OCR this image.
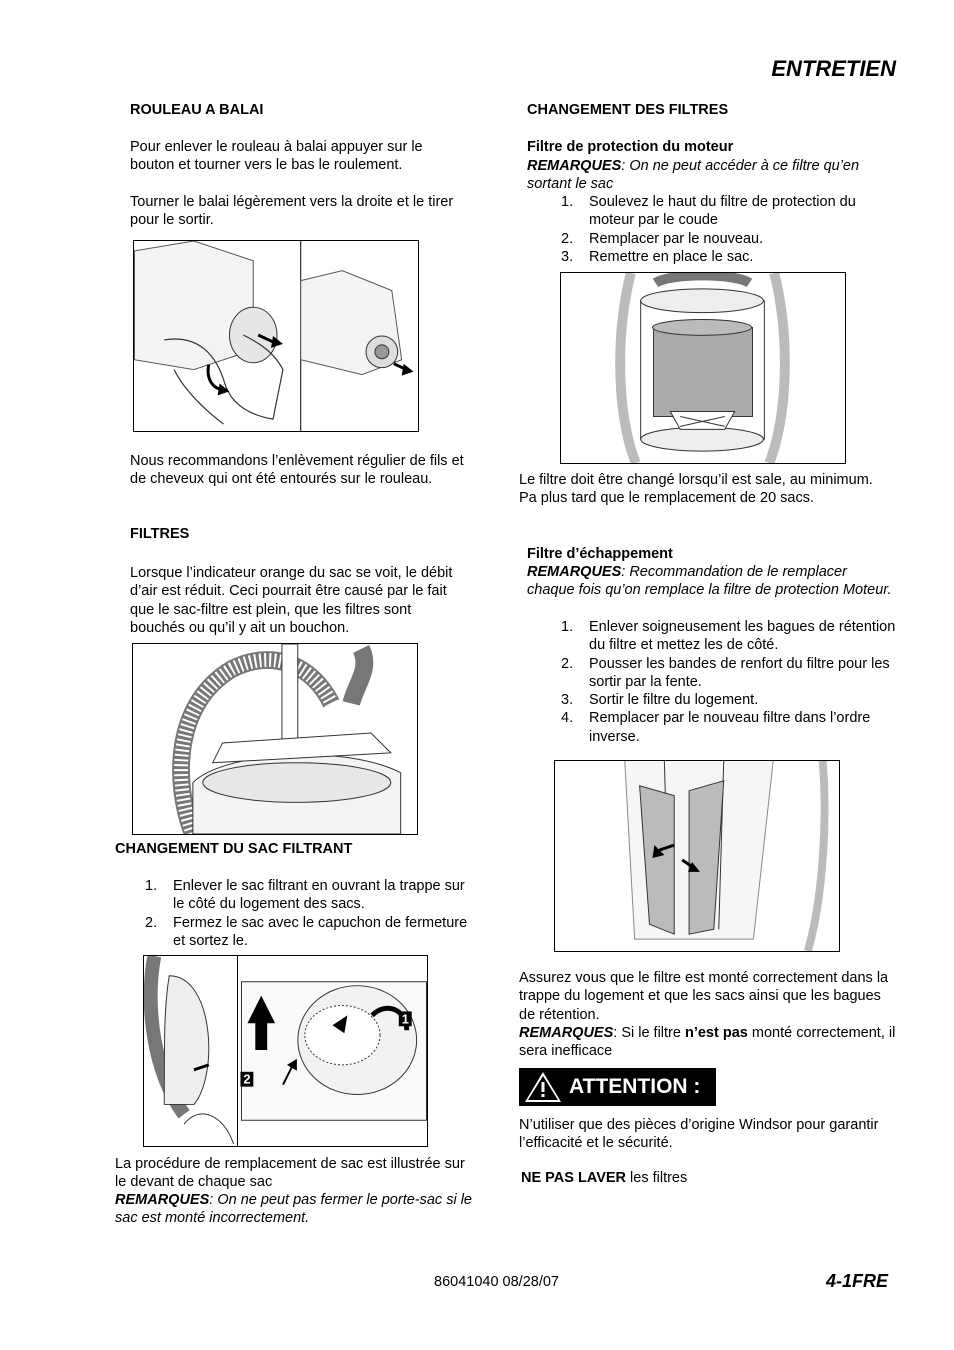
ENTRETIEN
ROULEAU A BALAI

Pour enlever le rouleau à balai appuyer sur le bouton et tourner vers le bas le roulement.

Tourner le balai légèrement vers la droite et le tirer pour le sortir.

Nous recommandons l’enlèvement régulier de fils et de cheveux qui ont été entourés sur le rouleau.

FILTRES

Lorsque l’indicateur orange du sac se voit, le débit d’air est réduit. Ceci pourrait être causé par le fait que le sac-filtre est plein, que les filtres sont bouchés ou qu’il y ait un bouchon.

CHANGEMENT DU SAC FILTRANT
1.	Enlever le sac filtrant en ouvrant la trappe sur le côté du logement des sacs.
2.	Fermez le sac avec le capuchon de fermeture et sortez le.
1
2

La procédure de remplacement de sac est illustrée sur le devant de chaque sac

REMARQUES: On ne peut pas fermer le porte-sac si le sac est monté incorrectement.

CHANGEMENT DES FILTRES
Filtre de protection du moteur

REMARQUES: On ne peut accéder à ce filtre qu’en sortant le sac

1.	Soulevez le haut du filtre de protection du moteur par le coude
2.	Remplacer par le nouveau.
3.	Remettre en place le sac.

Le filtre doit être changé lorsqu’il est sale, au minimum. Pa plus tard que le remplacement de 20 sacs.

Filtre d’échappement

REMARQUES: Recommandation de le remplacer chaque fois qu’on remplace la filtre de protection Moteur.

1.	Enlever soigneusement les bagues de rétention du filtre et mettez les de côté.
2.	Pousser les bandes de renfort du filtre pour les sortir par la fente.
3.	Sortir le filtre du logement.
4.	Remplacer par le nouveau filtre dans l’ordre inverse.

Assurez vous que le filtre est monté correctement dans la trappe du logement et que les sacs ainsi que les bagues de rétention.

REMARQUES: Si le filtre n’est pas monté correctement, il sera inefficace

ATTENTION :

N’utiliser que des pièces d’origine Windsor pour garantir l’efficacité et le sécurité.

NE PAS LAVER les filtres

86041040 08/28/07	4-1FRE
